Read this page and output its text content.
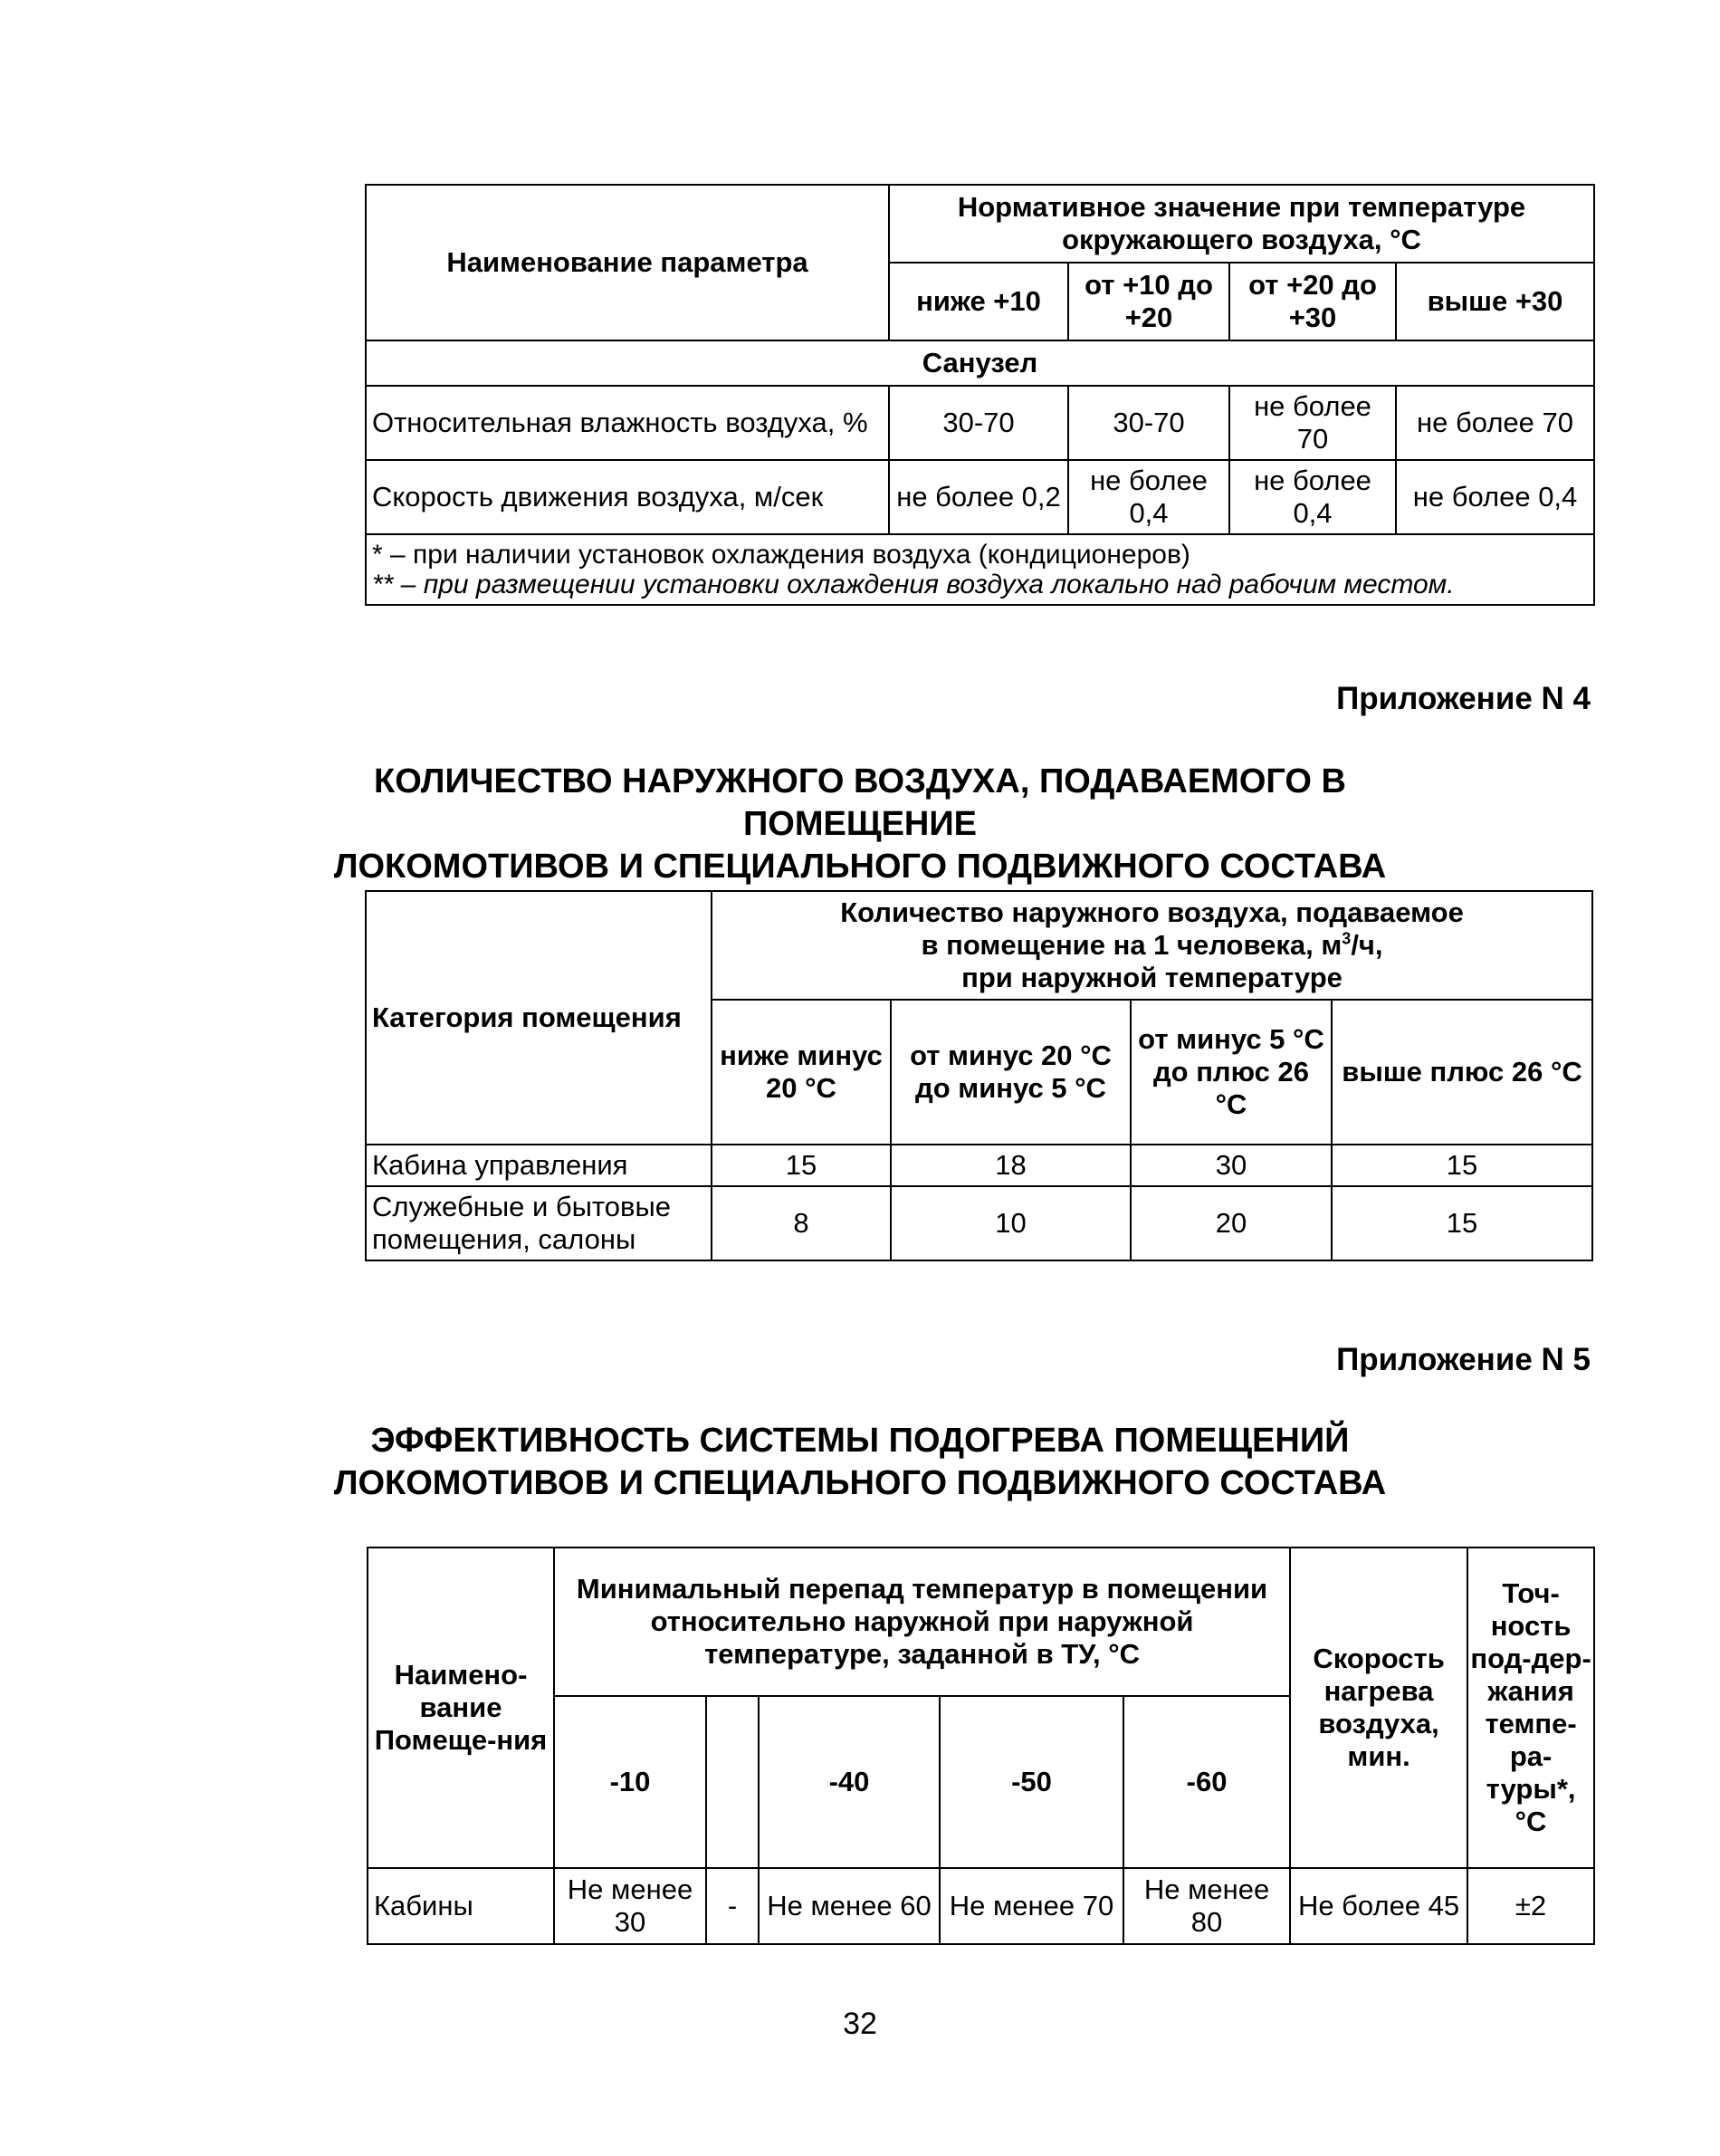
Наименование параметра	Нормативное значение при температуре окружающего воздуха, °С			
	ниже +10	от +10 до +20	от +20 до +30	выше +30
Санузел				
Относительная влажность воздуха, %	30-70	30-70	не более 70	не более 70
Скорость движения воздуха, м/сек	не более 0,2	не более 0,4	не более 0,4	не более 0,4

* – при наличии установок охлаждения воздуха (кондиционеров)
** – при размещении установки охлаждения воздуха локально над рабочим местом.				
Приложение N 4
КОЛИЧЕСТВО НАРУЖНОГО ВОЗДУХА, ПОДАВАЕМОГО В ПОМЕЩЕНИЕ
ЛОКОМОТИВОВ И СПЕЦИАЛЬНОГО ПОДВИЖНОГО СОСТАВА
Категория помещения	Количество наружного воздуха, подаваемое
в помещение на 1 человека, $м^3/ч$,
при наружной температуре			

	ниже минус 20 °С	от минус 20 °С до минус 5 °С	от минус 5 °С до плюс 26 °С	выше плюс 26 °С
Кабина управления	15	18	30	15
Служебные и бытовые помещения, салоны	8	10	20	15
Приложение N 5
ЭФФЕКТИВНОСТЬ СИСТЕМЫ ПОДОГРЕВА ПОМЕЩЕНИЙ
ЛОКОМОТИВОВ И СПЕЦИАЛЬНОГО ПОДВИЖНОГО СОСТАВА
Наимено-вание Помеще-ния	Минимальный перепад температур в помещении относительно наружной при наружной температуре, заданной в ТУ, °С					Скорость нагрева воздуха, мин.	Точ-ность под-дер-жания темпе-ра-туры*, °С
	-10		-40	-50	-60		
Кабины	Не менее 30	-	Не менее 60	Не менее 70	Не менее 80	Не более 45	±2
32
